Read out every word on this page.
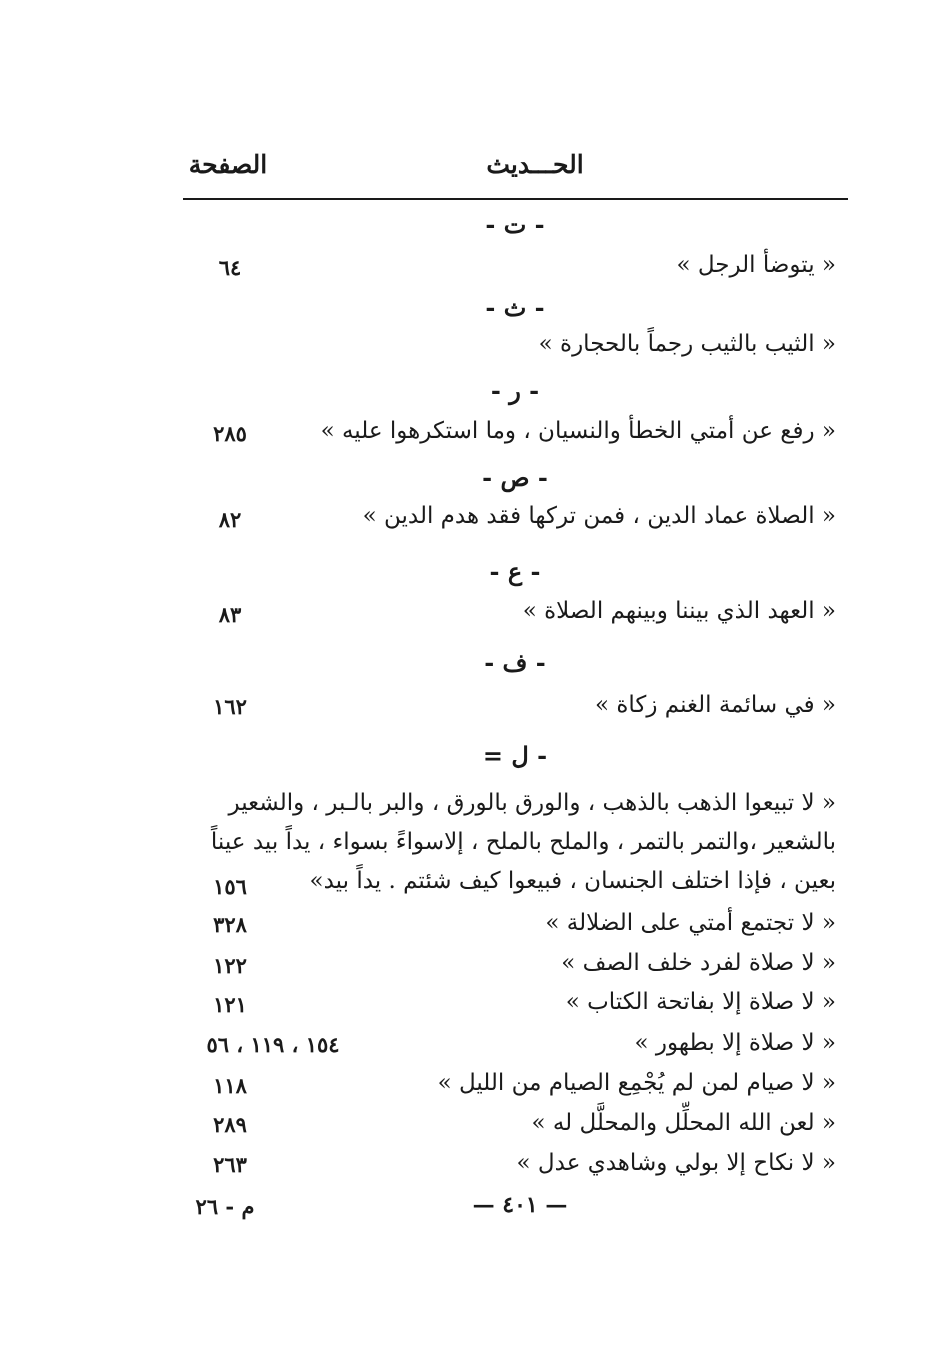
الحـــديث
الصفحة
- ت -
« يتوضأ الرجل »
٦٤
- ث -
« الثيب بالثيب رجماً بالحجارة »
- ر -
« رفع عن أمتي الخطأ والنسيان ، وما استكرهوا عليه »
٢٨٥
- ص -
« الصلاة عماد الدين ، فمن تركها فقد هدم الدين »
٨٢
- ع -
« العهد الذي بيننا وبينهم الصلاة »
٨٣
- ف -
« في سائمة الغنم زكاة »
١٦٢
- ل =
« لا تبيعوا الذهب بالذهب ، والورق بالورق ، والبر بالـبر ، والشعير
بالشعير ،والتمر بالتمر ، والملح بالملح ، إلاسواءً بسواء ، يداً بيد عيناً
بعين ، فإذا اختلف الجنسان ، فبيعوا كيف شئتم . يداً بيد»
١٥٦
« لا تجتمع أمتي على الضلالة »
٣٢٨
« لا صلاة لفرد خلف الصف »
١٢٢
« لا صلاة إلا بفاتحة الكتاب »
١٢١
« لا صلاة إلا بطهور »
١٥٤ ، ١١٩ ، ٥٦
« لا صيام لمن لم يُجْمِع الصيام من الليل »
١١٨
« لعن الله المحلِّل والمحلَّل له »
٢٨٩
« لا نكاح إلا بولي وشاهدي عدل »
٢٦٣
— ٤٠١ —
م - ٢٦
